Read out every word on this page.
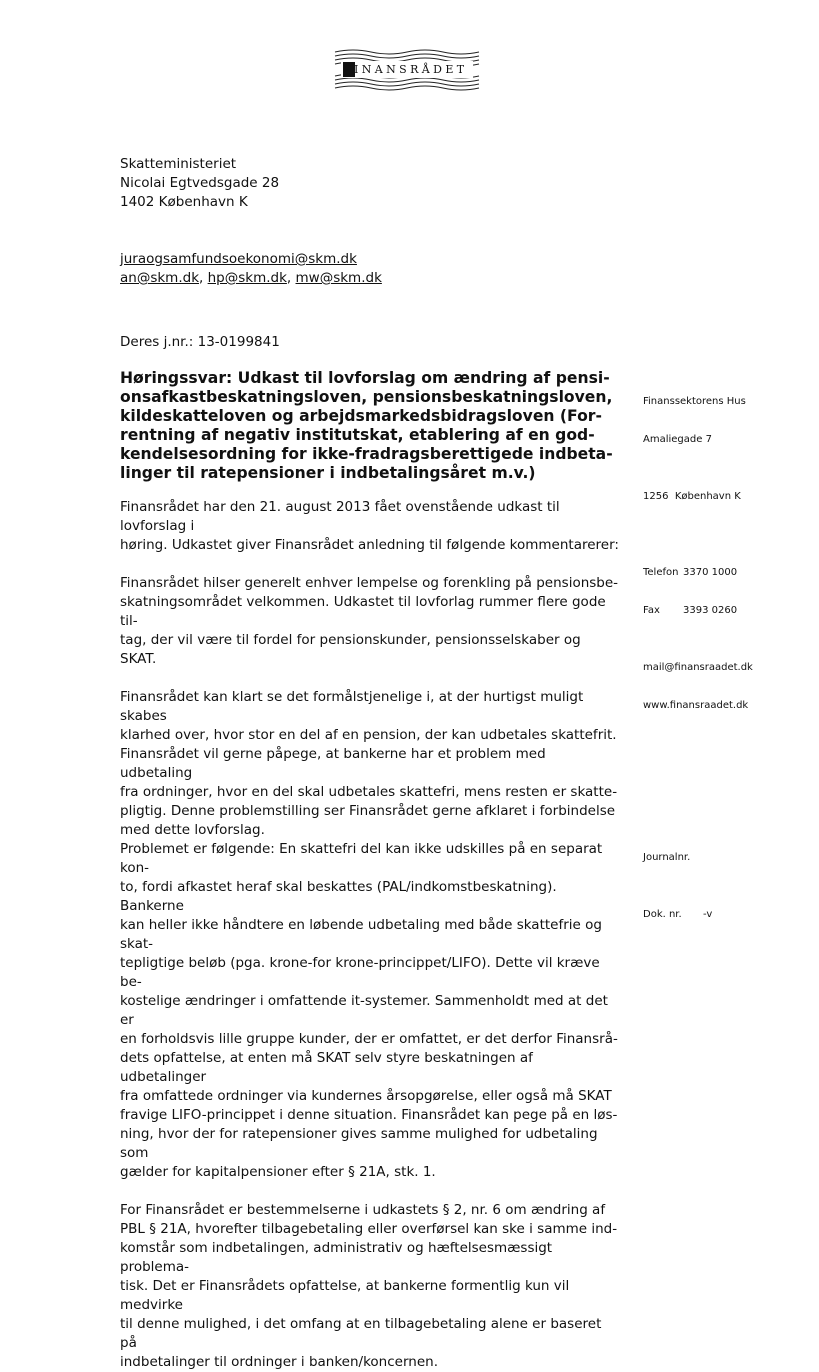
FINANSRÅDET
Skatteministeriet
Nicolai Egtvedsgade 28
1402 København K
juraogsamfundsoekonomi@skm.dk
an@skm.dk, hp@skm.dk, mw@skm.dk
Deres j.nr.: 13-0199841
Høringssvar: Udkast til lovforslag om ændring af pensi-
onsafkastbeskatningsloven, pensionsbeskatningsloven,
kildeskatteloven og arbejdsmarkedsbidragsloven (For-
rentning af negativ institutskat, etablering af en god-
kendelsesordning for ikke-fradragsberettigede indbeta-
linger til ratepensioner i indbetalingsåret m.v.)
Finansrådet har den 21. august 2013 fået ovenstående udkast til lovforslag i
høring. Udkastet giver Finansrådet anledning til følgende kommentarerer:
Finansrådet hilser generelt enhver lempelse og forenkling på pensionsbe-
skatningsområdet velkommen. Udkastet til lovforlag rummer flere gode til-
tag, der vil være til fordel for pensionskunder, pensionsselskaber og SKAT.
Finansrådet kan klart se det formålstjenelige i, at der hurtigst muligt skabes
klarhed over, hvor stor en del af en pension, der kan udbetales skattefrit.
Finansrådet vil gerne påpege, at bankerne har et problem med udbetaling
fra ordninger, hvor en del skal udbetales skattefri, mens resten er skatte-
pligtig. Denne problemstilling ser Finansrådet gerne afklaret i forbindelse
med dette lovforslag.
Problemet er følgende: En skattefri del kan ikke udskilles på en separat kon-
to, fordi afkastet heraf skal beskattes (PAL/indkomstbeskatning). Bankerne
kan heller ikke håndtere en løbende udbetaling med både skattefrie og skat-
tepligtige beløb (pga. krone-for krone-princippet/LIFO). Dette vil kræve be-
kostelige ændringer i omfattende it-systemer. Sammenholdt med at det er
en forholdsvis lille gruppe kunder, der er omfattet, er det derfor Finansrå-
dets opfattelse, at enten må SKAT selv styre beskatningen af udbetalinger
fra omfattede ordninger via kundernes årsopgørelse, eller også må SKAT
fravige LIFO-princippet i denne situation. Finansrådet kan pege på en løs-
ning, hvor der for ratepensioner gives samme mulighed for udbetaling som
gælder for kapitalpensioner efter § 21A, stk. 1.
For Finansrådet er bestemmelserne i udkastets § 2, nr. 6 om ændring af
PBL § 21A, hvorefter tilbagebetaling eller overførsel kan ske i samme ind-
komstår som indbetalingen, administrativ og hæftelsesmæssigt problema-
tisk. Det er Finansrådets opfattelse, at bankerne formentlig kun vil medvirke
til denne mulighed, i det omfang at en tilbagebetaling alene er baseret på
indbetalinger til ordninger i banken/koncernen.

Finanssektorens Hus

Amaliegade 7

1256 København K

Telefon 3370 1000

Fax 3393 0260

mail@finansraadet.dk

www.finansraadet.dk

Journalnr.

Dok. nr. -v
